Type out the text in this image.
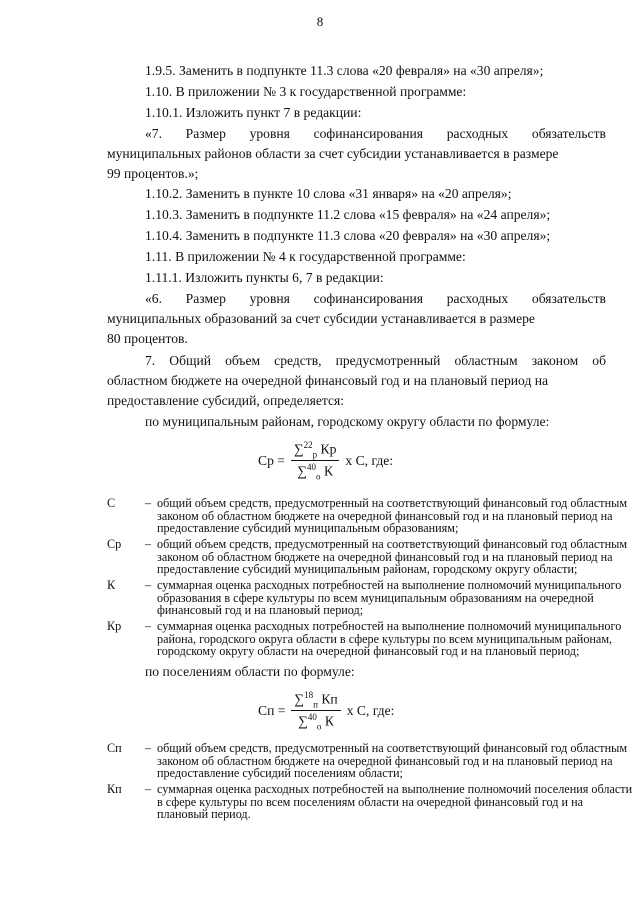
8
1.9.5. Заменить в подпункте 11.3 слова «20 февраля» на «30 апреля»;
1.10. В приложении № 3 к государственной программе:
1.10.1. Изложить пункт 7 в редакции:
«7. Размер уровня софинансирования расходных обязательств
муниципальных районов области за счет субсидии устанавливается в размере
99 процентов.»;
1.10.2. Заменить в пункте 10 слова «31 января» на «20 апреля»;
1.10.3. Заменить в подпункте 11.2 слова «15 февраля» на «24 апреля»;
1.10.4. Заменить в подпункте 11.3 слова «20 февраля» на «30 апреля»;
1.11. В приложении № 4 к государственной программе:
1.11.1. Изложить пункты 6, 7 в редакции:
«6. Размер уровня софинансирования расходных обязательств
муниципальных образований за счет субсидии устанавливается в размере
80 процентов.
7. Общий объем средств, предусмотренный областным законом об
областном бюджете на очередной финансовый год и на плановый период на
предоставление субсидий, определяется:
по муниципальным районам, городскому округу области по формуле:
Ср = $\frac{\sum^{22}_р Кр}{\sum^{40}_о К}$ x С, где:
С – общий объем средств, предусмотренный на соответствующий финансовый год областным законом об областном бюджете на очередной финансовый год и на плановый период на предоставление субсидий муниципальным образованиям;
Ср – общий объем средств, предусмотренный на соответствующий финансовый год областным законом об областном бюджете на очередной финансовый год и на плановый период на предоставление субсидий муниципальным районам, городскому округу области;
К – суммарная оценка расходных потребностей на выполнение полномочий муниципального образования в сфере культуры по всем муниципальным образованиям на очередной финансовый год и на плановый период;
Кр – суммарная оценка расходных потребностей на выполнение полномочий муниципального района, городского округа области в сфере культуры по всем муниципальным районам, городскому округу области на очередной финансовый год и на плановый период;
по поселениям области по формуле:
Сп = $\frac{\sum^{18}_п Кп}{\sum^{40}_о К}$ x С, где:
Сп – общий объем средств, предусмотренный на соответствующий финансовый год областным законом об областном бюджете на очередной финансовый год и на плановый период на предоставление субсидий поселениям области;
Кп – суммарная оценка расходных потребностей на выполнение полномочий поселения области в сфере культуры по всем поселениям области на очередной финансовый год и на плановый период.
